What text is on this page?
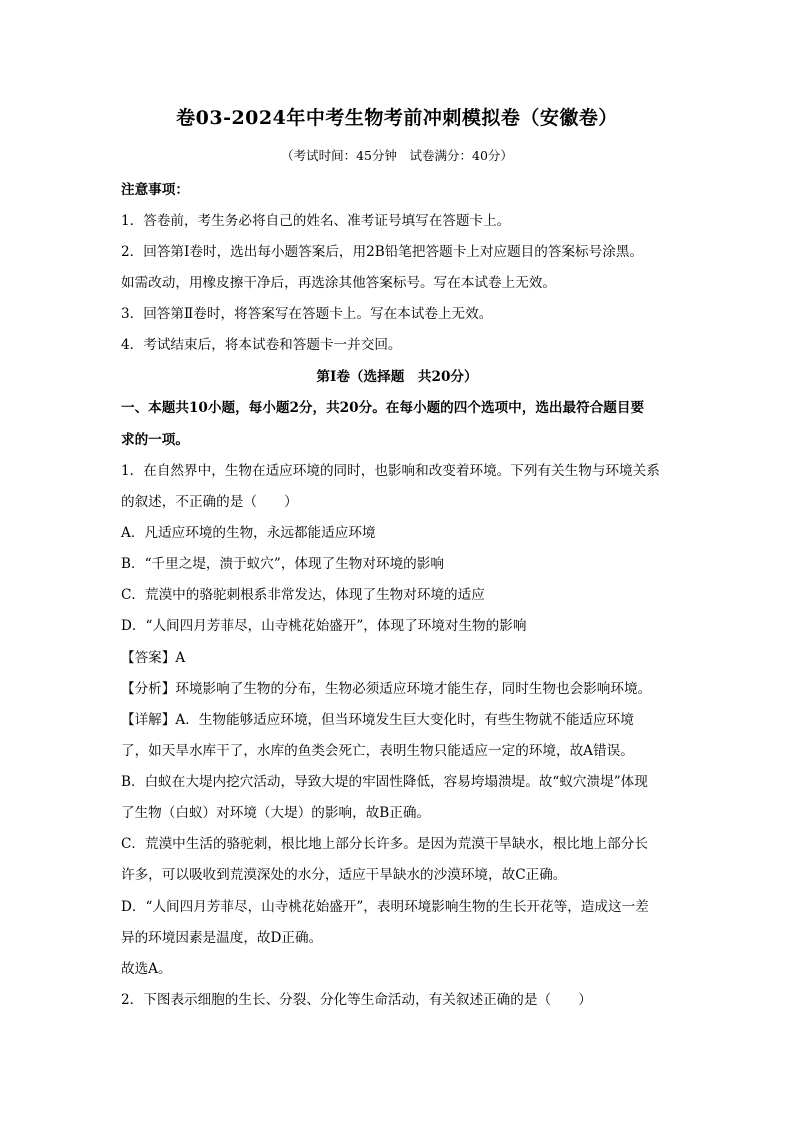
卷03-2024年中考生物考前冲刺模拟卷（安徽卷）
（考试时间：45分钟　试卷满分：40分）
注意事项：
1．答卷前，考生务必将自己的姓名、准考证号填写在答题卡上。
2．回答第Ⅰ卷时，选出每小题答案后，用2B铅笔把答题卡上对应题目的答案标号涂黑。
如需改动，用橡皮擦干净后，再选涂其他答案标号。写在本试卷上无效。
3．回答第Ⅱ卷时，将答案写在答题卡上。写在本试卷上无效。
4．考试结束后，将本试卷和答题卡一并交回。
第Ⅰ卷（选择题　共20分）
一、本题共10小题，每小题2分，共20分。在每小题的四个选项中，选出最符合题目要
求的一项。
1．在自然界中，生物在适应环境的同时，也影响和改变着环境。下列有关生物与环境关系
的叙述，不正确的是（　　）
A．凡适应环境的生物，永远都能适应环境
B．“千里之堤，溃于蚁穴”，体现了生物对环境的影响
C．荒漠中的骆驼刺根系非常发达，体现了生物对环境的适应
D．“人间四月芳菲尽，山寺桃花始盛开”，体现了环境对生物的影响
【答案】A
【分析】环境影响了生物的分布，生物必须适应环境才能生存，同时生物也会影响环境。
【详解】A．生物能够适应环境，但当环境发生巨大变化时，有些生物就不能适应环境
了，如天旱水库干了，水库的鱼类会死亡，表明生物只能适应一定的环境，故A错误。
B．白蚁在大堤内挖穴活动，导致大堤的牢固性降低，容易垮塌溃堤。故“蚁穴溃堤”体现
了生物（白蚁）对环境（大堤）的影响，故B正确。
C．荒漠中生活的骆驼刺，根比地上部分长许多。是因为荒漠干旱缺水，根比地上部分长
许多，可以吸收到荒漠深处的水分，适应干旱缺水的沙漠环境，故C正确。
D．“人间四月芳菲尽，山寺桃花始盛开”，表明环境影响生物的生长开花等，造成这一差
异的环境因素是温度，故D正确。
故选A。
2．下图表示细胞的生长、分裂、分化等生命活动，有关叙述正确的是（　　）
